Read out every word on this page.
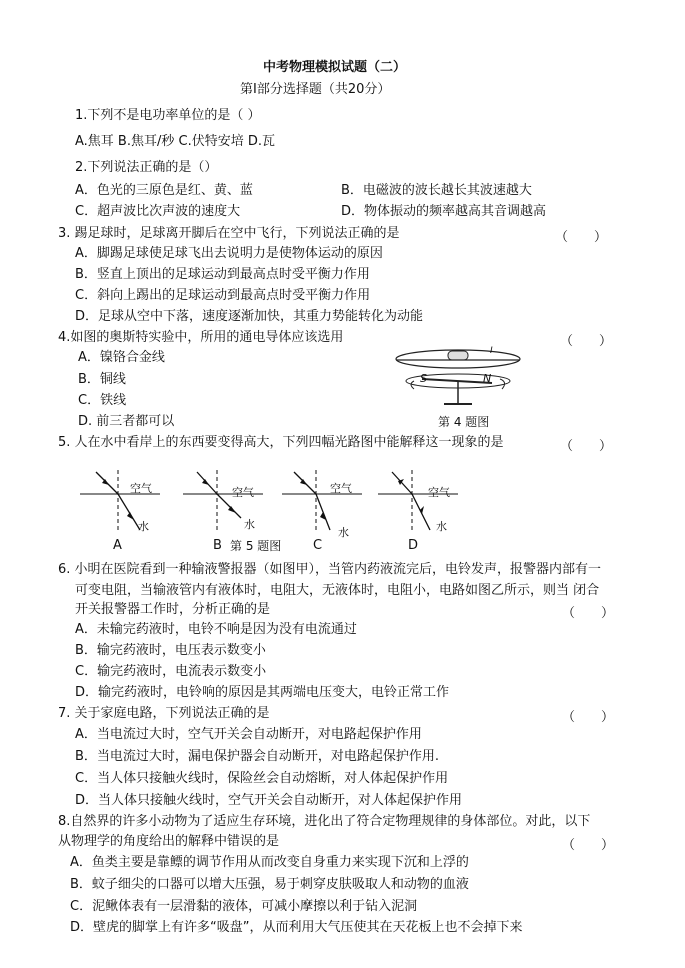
中考物理模拟试题（二）
第Ⅰ部分选择题（共20分）
1.下列不是电功率单位的是（ ）
A.焦耳 B.焦耳/秒 C.伏特安培 D.瓦
2.下列说法正确的是（）
A．色光的三原色是红、黄、蓝	B．电磁波的波长越长其波速越大
C．超声波比次声波的速度大	D．物体振动的频率越高其音调越高
3. 踢足球时，足球离开脚后在空中飞行，下列说法正确的是	（　　）
A．脚踢足球使足球飞出去说明力是使物体运动的原因
B．竖直上顶出的足球运动到最高点时受平衡力作用
C．斜向上踢出的足球运动到最高点时受平衡力作用
D．足球从空中下落，速度逐渐加快，其重力势能转化为动能
4.如图的奥斯特实验中，所用的通电导体应该选用	（　　）
A．镍铬合金线
B．铜线
C．铁线
D. 前三者都可以
S	N
I
第 4 题图
5. 人在水中看岸上的东西要变得高大，下列四幅光路图中能解释这一现象的是	（　　）
空气
水
A
空气
水
B
空气
水
C
空气
水
D
第 5 题图
6. 小明在医院看到一种输液警报器（如图甲），当管内药液流完后，电铃发声，报警器内部有一
可变电阻，当输液管内有液体时，电阻大，无液体时，电阻小，电路如图乙所示，则当 闭合
开关报警器工作时，分析正确的是	（　　）
A．未输完药液时，电铃不响是因为没有电流通过
B．输完药液时，电压表示数变小
C．输完药液时，电流表示数变小
D．输完药液时，电铃响的原因是其两端电压变大，电铃正常工作
7. 关于家庭电路，下列说法正确的是	（　　）
A．当电流过大时，空气开关会自动断开，对电路起保护作用
B．当电流过大时，漏电保护器会自动断开，对电路起保护作用.
C．当人体只接触火线时，保险丝会自动熔断，对人体起保护作用
D．当人体只接触火线时，空气开关会自动断开，对人体起保护作用
8.自然界的许多小动物为了适应生存环境，进化出了符合定物理规律的身体部位。对此，以下
从物理学的角度给出的解释中错误的是	（　　）
A．鱼类主要是靠鳔的调节作用从而改变自身重力来实现下沉和上浮的
B．蚊子细尖的口器可以增大压强，易于刺穿皮肤吸取人和动物的血液
C．泥鳅体表有一层滑黏的液体，可减小摩擦以利于钻入泥洞
D．壁虎的脚掌上有许多“吸盘”，从而利用大气压使其在天花板上也不会掉下来
